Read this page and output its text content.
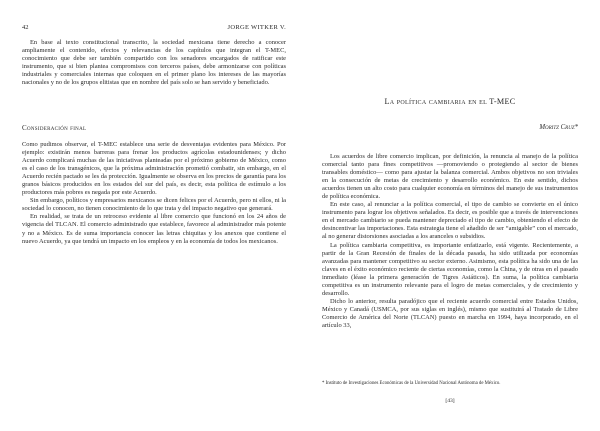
42	JORGE WITKER V.

En base al texto constitucional transcrito, la sociedad mexicana tiene derecho a conocer ampliamente el contenido, efectos y relevancias de los capítulos que integran el T-MEC, conocimiento que debe ser también compartido con los senadores encargados de ratificar este instrumento, que si bien plantea compromisos con terceros países, debe armonizarse con políticas industriales y comerciales internas que coloquen en el primer plano los intereses de las mayorías nacionales y no de los grupos elitistas que en nombre del país solo se han servido y beneficiado.

Consideración final

Como pudimos observar, el T-MEC establece una serie de desventajas evidentes para México. Por ejemplo: existirán menos barreras para frenar los productos agrícolas estadounidenses; y dicho Acuerdo complicará muchas de las iniciativas planteadas por el próximo gobierno de México, como es el caso de los transgénicos, que la próxima administración prometió combatir, sin embargo, en el Acuerdo recién pactado se les da protección. Igualmente se observa en los precios de garantía para los granos básicos producidos en los estados del sur del país, es decir, esta política de estímulo a los productores más pobres es negada por este Acuerdo.

Sin embargo, políticos y empresarios mexicanos se dicen felices por el Acuerdo, pero ni ellos, ni la sociedad lo conocen, no tienen conocimiento de lo que trata y del impacto negativo que generará.

En realidad, se trata de un retroceso evidente al libre comercio que funcionó en los 24 años de vigencia del TLCAN. El comercio administrado que establece, favorece al administrador más potente y no a México. Es de suma importancia conocer las letras chiquitas y los anexos que contiene el nuevo Acuerdo, ya que tendrá un impacto en los empleos y en la economía de todos los mexicanos.

La política cambiaria en el T-MEC
Moritz Cruz*

Los acuerdos de libre comercio implican, por definición, la renuncia al manejo de la política comercial tanto para fines competitivos —promoviendo o protegiendo al sector de bienes transables doméstico— como para ajustar la balanza comercial. Ambos objetivos no son triviales en la consecución de metas de crecimiento y desarrollo económico. En este sentido, dichos acuerdos tienen un alto costo para cualquier economía en términos del manejo de sus instrumentos de política económica.

En este caso, al renunciar a la política comercial, el tipo de cambio se convierte en el único instrumento para lograr los objetivos señalados. Es decir, es posible que a través de intervenciones en el mercado cambiario se pueda mantener depreciado el tipo de cambio, obteniendo el efecto de desincentivar las importaciones. Esta estrategia tiene el añadido de ser “amigable” con el mercado, al no generar distorsiones asociadas a los aranceles o subsidios.

La política cambiaria competitiva, es importante enfatizarlo, está vigente. Recientemente, a partir de la Gran Recesión de finales de la década pasada, ha sido utilizada por economías avanzadas para mantener competitivo su sector externo. Asimismo, esta política ha sido una de las claves en el éxito económico reciente de ciertas economías, como la China, y de otras en el pasado inmediato (léase la primera generación de Tigres Asiáticos). En suma, la política cambiaria competitiva es un instrumento relevante para el logro de metas comerciales, y de crecimiento y desarrollo.

Dicho lo anterior, resulta paradójico que el reciente acuerdo comercial entre Estados Unidos, México y Canadá (USMCA, por sus siglas en inglés), mismo que sustituirá al Tratado de Libre Comercio de América del Norte (TLCAN) puesto en marcha en 1994, haya incorporado, en el artículo 33,

* Instituto de Investigaciones Económicas de la Universidad Nacional Autónoma de México.
[43]
